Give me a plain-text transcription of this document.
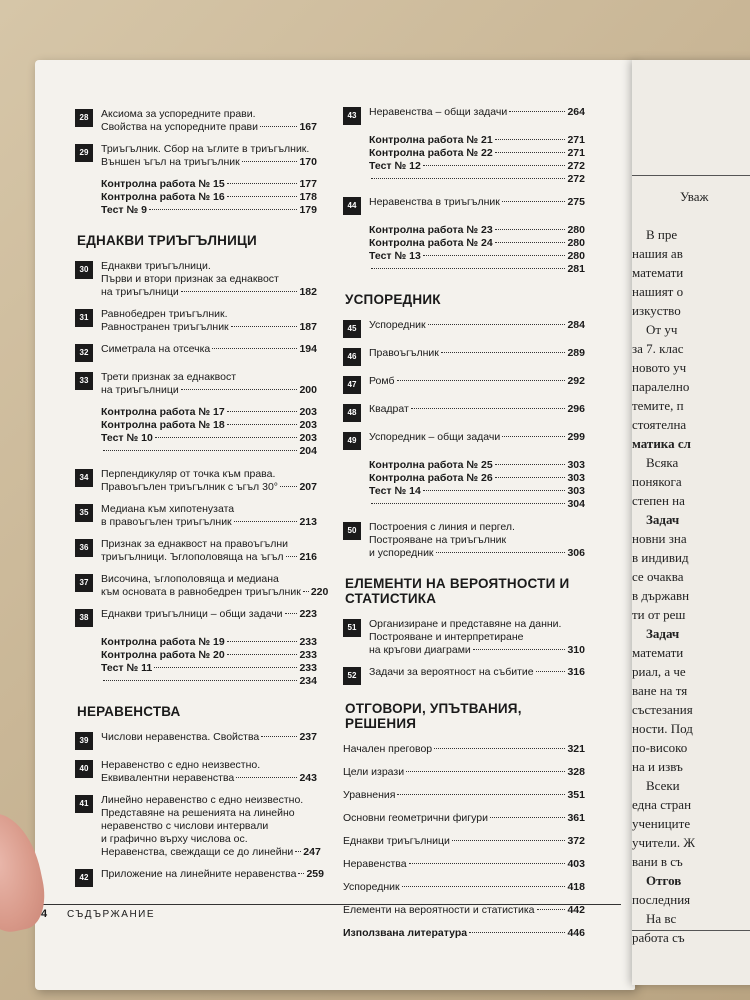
28	Аксиома за успоредните прави.
Свойства на успоредните прави	167
29	Триъгълник. Сбор на ъглите в триъгълник.
Външен ъгъл на триъгълник	170
Контролна работа № 15	177
Контролна работа № 16	178
Тест № 9	179
ЕДНАКВИ ТРИЪГЪЛНИЦИ
30	Еднакви триъгълници.
Първи и втори признак за еднаквост
на триъгълници	182
31	Равнобедрен триъгълник.
Равностранен триъгълник	187
32	Симетрала на отсечка	194
33	Трети признак за еднаквост
на триъгълници	200
Контролна работа № 17	203
Контролна работа № 18	203
Тест № 10	203
204
34	Перпендикуляр от точка към права.
Правоъгълен триъгълник с ъгъл 30° 207
35	Медиана към хипотенузата
в правоъгълен триъгълник	213
36	Признак за еднаквост на правоъгълни
триъгълници. Ъглополовяща на ъгъл 216
37	Височина, ъглополовяща и медиана
към основата в равнобедрен триъгълник 220
38	Еднакви триъгълници – общи задачи 223
Контролна работа № 19	233
Контролна работа № 20	233
Тест № 11	233
234
НЕРАВЕНСТВА
39	Числови неравенства. Свойства	237
40	Неравенство с едно неизвестно.
Еквивалентни неравенства	243
41	Линейно неравенство с едно неизвестно.
Представяне на решенията на линейно
неравенство с числови интервали
и графично върху числова ос.
Неравенства, свеждащи се до линейни 247
42	Приложение на линейните неравенства 259
43	Неравенства – общи задачи	264
Контролна работа № 21	271
Контролна работа № 22	271
Тест № 12	272
272
44	Неравенства в триъгълник	275
Контролна работа № 23	280
Контролна работа № 24	280
Тест № 13	280
281
УСПОРЕДНИК
45	Успоредник	284
46	Правоъгълник	289
47	Ромб	292
48	Квадрат	296
49	Успоредник – общи задачи	299
Контролна работа № 25	303
Контролна работа № 26	303
Тест № 14	303
304
50	Построения с линия и пергел.
Построяване на триъгълник
и успоредник	306
ЕЛЕМЕНТИ НА ВЕРОЯТНОСТИ И СТАТИСТИКА
51	Организиране и представяне на данни.
Построяване и интерпретиране
на кръгови диаграми	310
52	Задачи за вероятност на събитие	316
ОТГОВОРИ, УПЪТВАНИЯ, РЕШЕНИЯ
Начален преговор	321
Цели изрази	328
Уравнения	351
Основни геометрични фигури	361
Еднакви триъгълници	372
Неравенства	403
Успоредник	418
Елементи на вероятности и статистика	442
Използвана литература	446
4 СЪДЪРЖАНИЕ
Уваж
В пре
нашия ав
математи
нашият о
изкуство
От уч
за 7. клас
новото уч
паралелно
темите, п
стоятелна
матика сл
Всяка
понякога
степен на
Задач
новни зна
в индивид
се очаква
в държавн
ти от реш
Задач
математи
риал, а че
ване на тя
състезания
ности. Под
по-високо
на и извъ
Всеки
една стран
учениците
учители. Ж
вани в съ
Отгов
последния
На вс
работа съ
